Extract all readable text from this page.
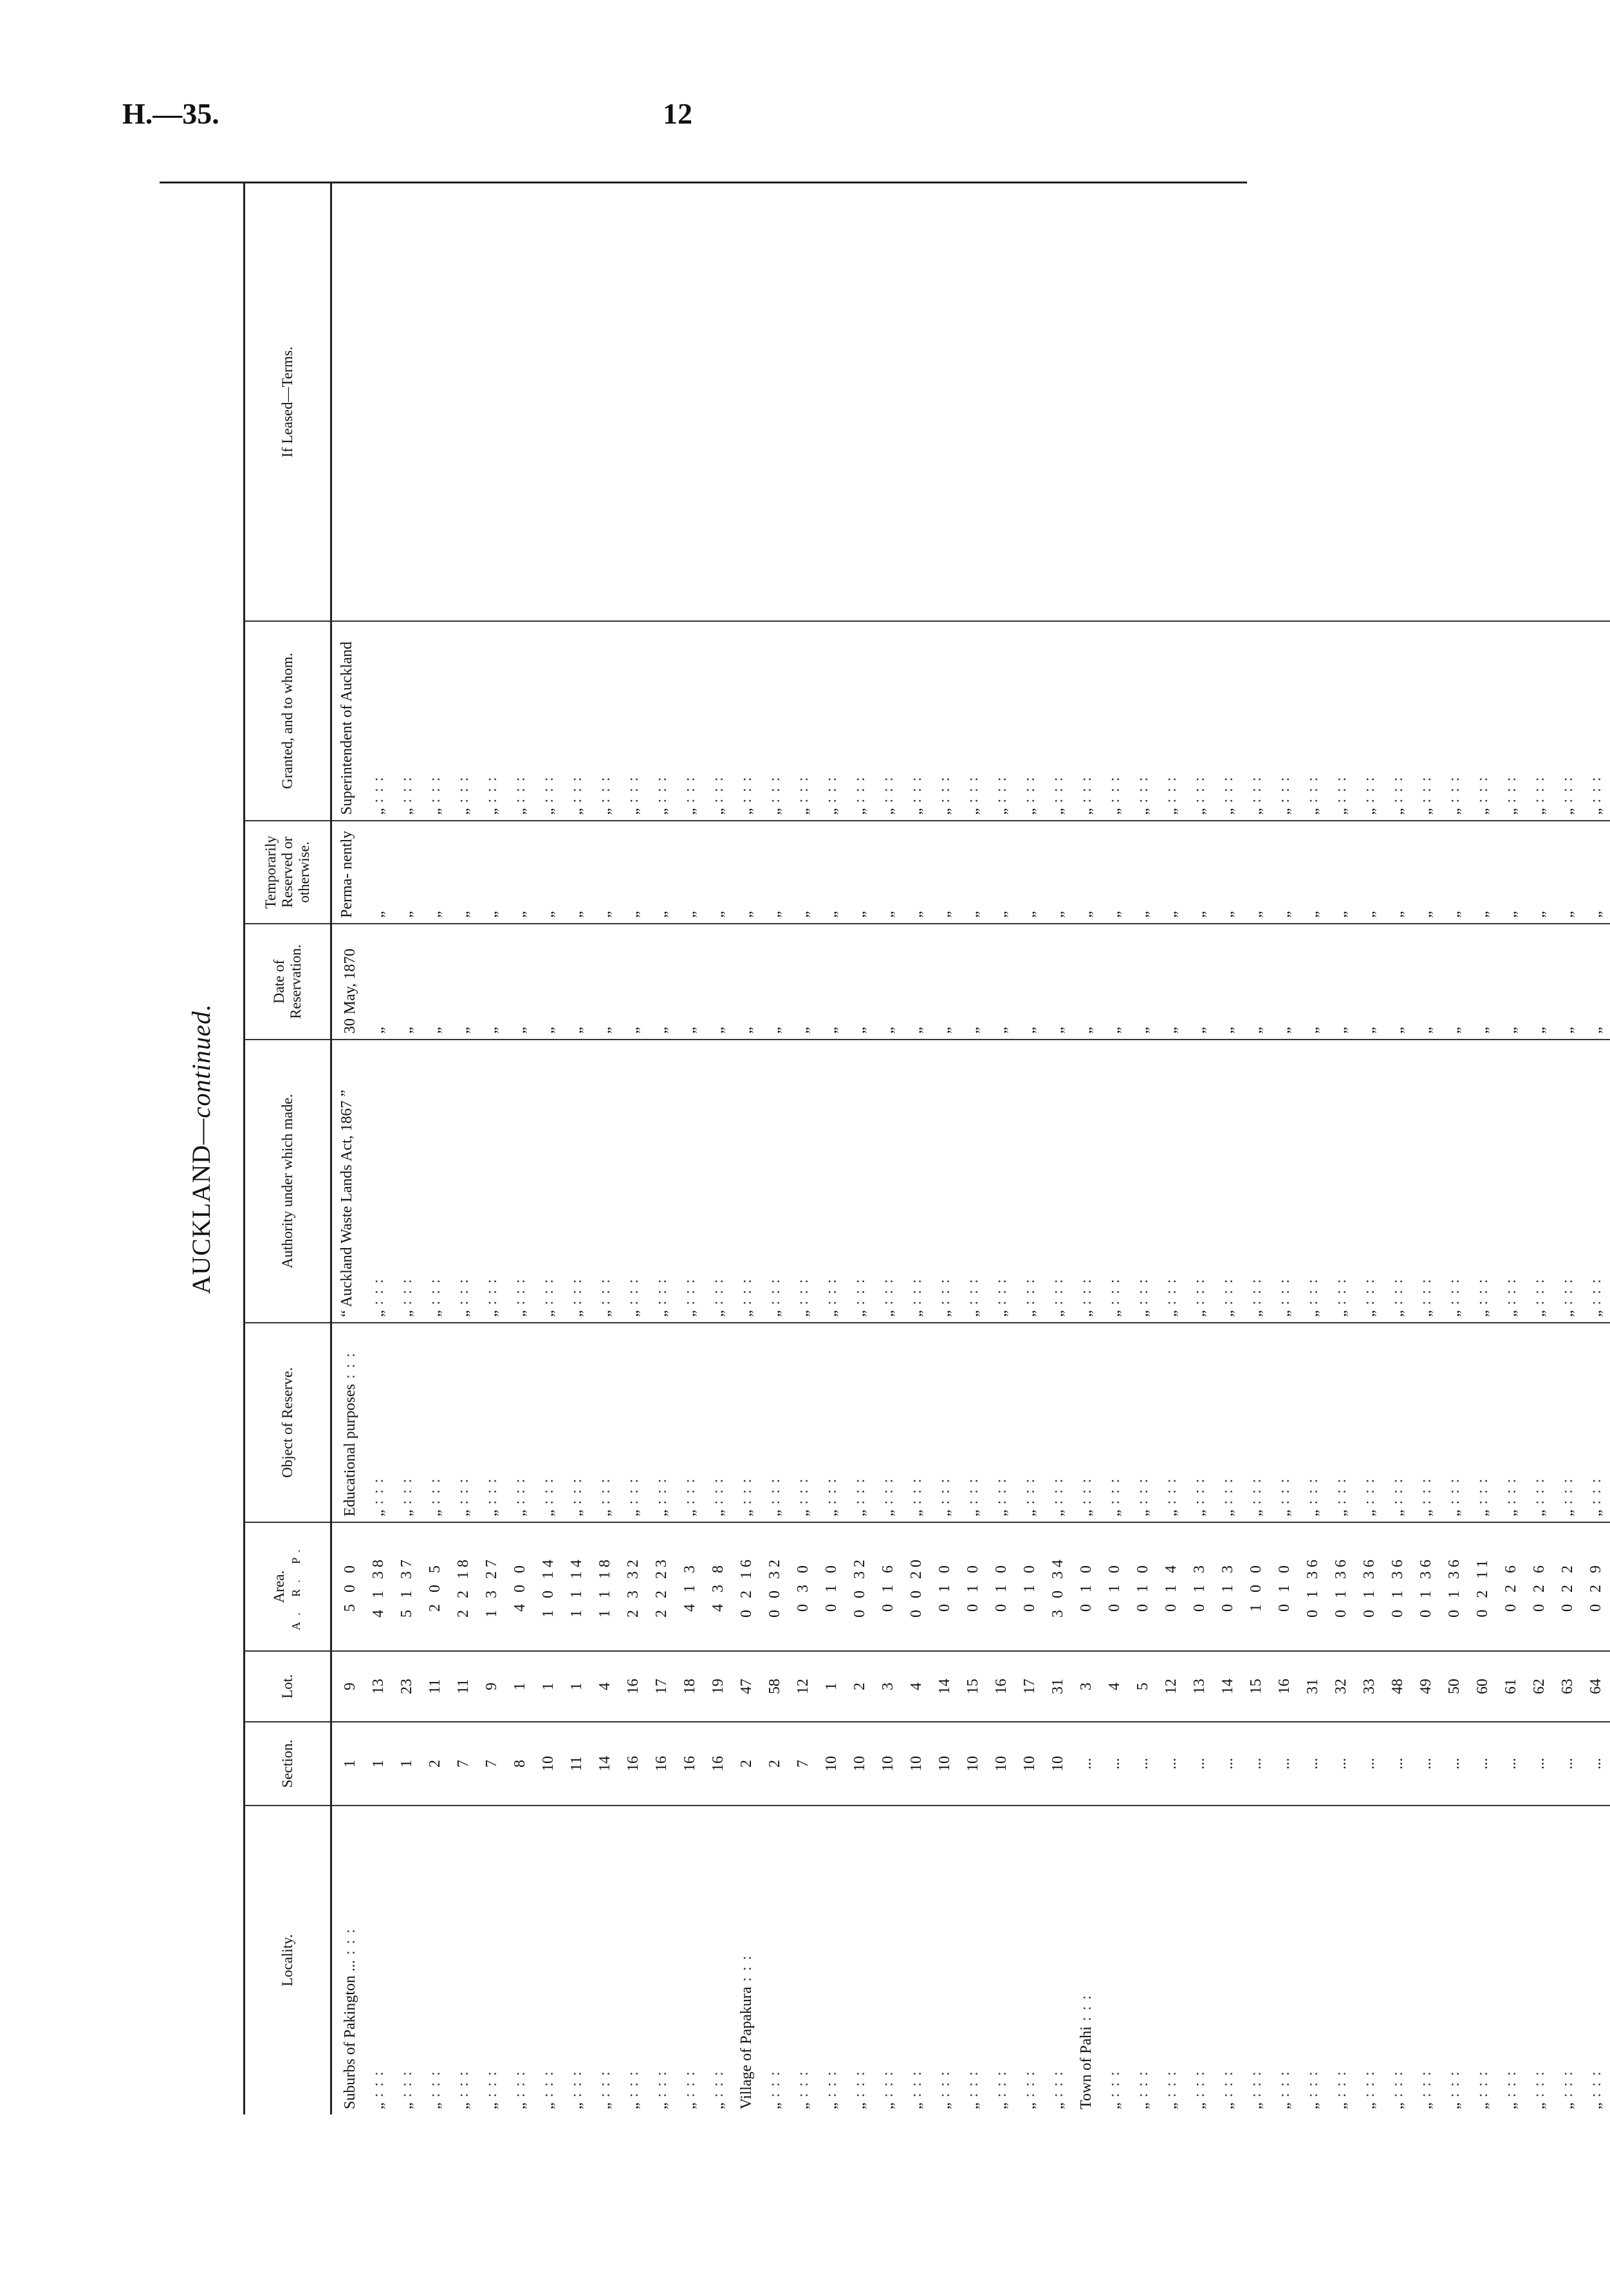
H.—35.	12
AUCKLAND—continued.
Locality.	Section.	Lot.	Area. A. R. P.	Object of Reserve.	Authority under which made.	Date of Reservation.	Temporarily Reserved or otherwise.	Granted, and to whom.	If Leased—Terms.
Suburbs of Pakington ... : : :	1	9	5 0 0	Educational purposes : : :	“ Auckland Waste Lands Act, 1867 ”	30 May, 1870	Perma- nently	Superintendent of Auckland	
„ : : :	1	13	4 1 38	„ : : :	„ : : :	„	„	„ : : :	
„ : : :	1	23	5 1 37	„ : : :	„ : : :	„	„	„ : : :	
„ : : :	2	11	2 0 5	„ : : :	„ : : :	„	„	„ : : :	
„ : : :	7	11	2 2 18	„ : : :	„ : : :	„	„	„ : : :	
„ : : :	7	9	1 3 27	„ : : :	„ : : :	„	„	„ : : :	
„ : : :	8	1	4 0 0	„ : : :	„ : : :	„	„	„ : : :	
„ : : :	10	1	1 0 14	„ : : :	„ : : :	„	„	„ : : :	
„ : : :	11	1	1 1 14	„ : : :	„ : : :	„	„	„ : : :	
„ : : :	14	4	1 1 18	„ : : :	„ : : :	„	„	„ : : :	
„ : : :	16	16	2 3 32	„ : : :	„ : : :	„	„	„ : : :	
„ : : :	16	17	2 2 23	„ : : :	„ : : :	„	„	„ : : :	
„ : : :	16	18	4 1 3	„ : : :	„ : : :	„	„	„ : : :	
„ : : :	16	19	4 3 8	„ : : :	„ : : :	„	„	„ : : :	
Village of Papakura : : :	2	47	0 2 16	„ : : :	„ : : :	„	„	„ : : :	
„ : : :	2	58	0 0 32	„ : : :	„ : : :	„	„	„ : : :	
„ : : :	7	12	0 3 0	„ : : :	„ : : :	„	„	„ : : :	
„ : : :	10	1	0 1 0	„ : : :	„ : : :	„	„	„ : : :	
„ : : :	10	2	0 0 32	„ : : :	„ : : :	„	„	„ : : :	
„ : : :	10	3	0 1 6	„ : : :	„ : : :	„	„	„ : : :	
„ : : :	10	4	0 0 20	„ : : :	„ : : :	„	„	„ : : :	
„ : : :	10	14	0 1 0	„ : : :	„ : : :	„	„	„ : : :	
„ : : :	10	15	0 1 0	„ : : :	„ : : :	„	„	„ : : :	
„ : : :	10	16	0 1 0	„ : : :	„ : : :	„	„	„ : : :	
„ : : :	10	17	0 1 0	„ : : :	„ : : :	„	„	„ : : :	
„ : : :	10	31	3 0 34	„ : : :	„ : : :	„	„	„ : : :	
Town of Pahi : : :	...	3	0 1 0	„ : : :	„ : : :	„	„	„ : : :	
„ : : :	...	4	0 1 0	„ : : :	„ : : :	„	„	„ : : :	
„ : : :	...	5	0 1 0	„ : : :	„ : : :	„	„	„ : : :	
„ : : :	...	12	0 1 4	„ : : :	„ : : :	„	„	„ : : :	
„ : : :	...	13	0 1 3	„ : : :	„ : : :	„	„	„ : : :	
„ : : :	...	14	0 1 3	„ : : :	„ : : :	„	„	„ : : :	
„ : : :	...	15	1 0 0	„ : : :	„ : : :	„	„	„ : : :	
„ : : :	...	16	0 1 0	„ : : :	„ : : :	„	„	„ : : :	
„ : : :	...	31	0 1 36	„ : : :	„ : : :	„	„	„ : : :	
„ : : :	...	32	0 1 36	„ : : :	„ : : :	„	„	„ : : :	
„ : : :	...	33	0 1 36	„ : : :	„ : : :	„	„	„ : : :	
„ : : :	...	48	0 1 36	„ : : :	„ : : :	„	„	„ : : :	
„ : : :	...	49	0 1 36	„ : : :	„ : : :	„	„	„ : : :	
„ : : :	...	50	0 1 36	„ : : :	„ : : :	„	„	„ : : :	
„ : : :	...	60	0 2 11	„ : : :	„ : : :	„	„	„ : : :	
„ : : :	...	61	0 2 6	„ : : :	„ : : :	„	„	„ : : :	
„ : : :	...	62	0 2 6	„ : : :	„ : : :	„	„	„ : : :	
„ : : :	...	63	0 2 2	„ : : :	„ : : :	„	„	„ : : :	
„ : : :	...	64	0 2 9	„ : : :	„ : : :	„	„	„ : : :	
